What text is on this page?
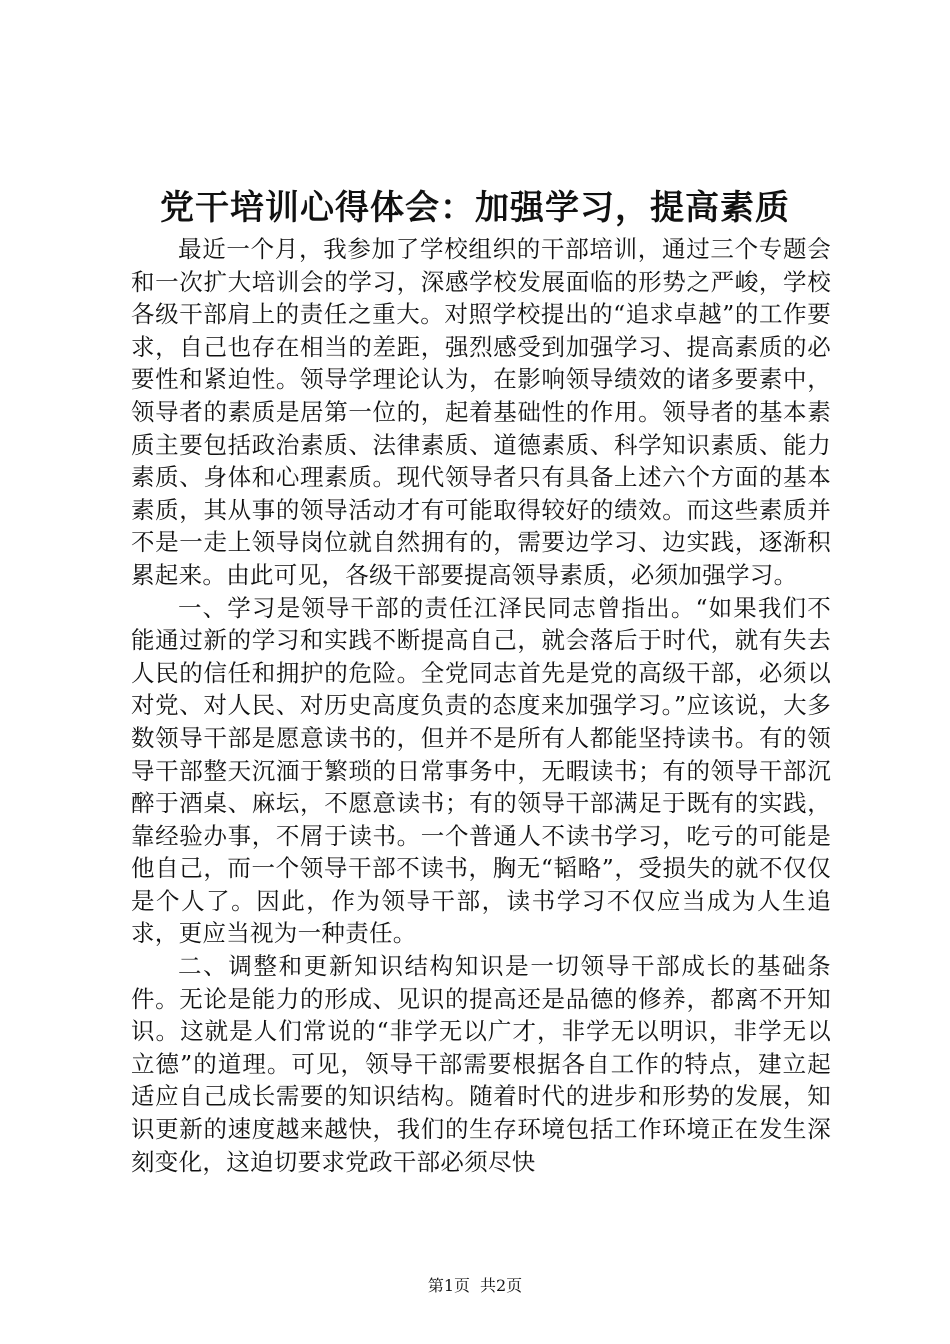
党干培训心得体会：加强学习，提高素质

最近一个月，我参加了学校组织的干部培训，通过三个专题会和一次扩大培训会的学习，深感学校发展面临的形势之严峻，学校各级干部肩上的责任之重大。对照学校提出的“追求卓越”的工作要求，自己也存在相当的差距，强烈感受到加强学习、提高素质的必要性和紧迫性。领导学理论认为，在影响领导绩效的诸多要素中，领导者的素质是居第一位的，起着基础性的作用。领导者的基本素质主要包括政治素质、法律素质、道德素质、科学知识素质、能力素质、身体和心理素质。现代领导者只有具备上述六个方面的基本素质，其从事的领导活动才有可能取得较好的绩效。而这些素质并不是一走上领导岗位就自然拥有的，需要边学习、边实践，逐渐积累起来。由此可见，各级干部要提高领导素质，必须加强学习。

一、学习是领导干部的责任江泽民同志曾指出。“如果我们不能通过新的学习和实践不断提高自己，就会落后于时代，就有失去人民的信任和拥护的危险。全党同志首先是党的高级干部，必须以对党、对人民、对历史高度负责的态度来加强学习。”应该说，大多数领导干部是愿意读书的，但并不是所有人都能坚持读书。有的领导干部整天沉湎于繁琐的日常事务中，无暇读书；有的领导干部沉醉于酒桌、麻坛，不愿意读书；有的领导干部满足于既有的实践，靠经验办事，不屑于读书。一个普通人不读书学习，吃亏的可能是他自己，而一个领导干部不读书，胸无“韬略”，受损失的就不仅仅是个人了。因此，作为领导干部，读书学习不仅应当成为人生追求，更应当视为一种责任。

二、调整和更新知识结构知识是一切领导干部成长的基础条件。无论是能力的形成、见识的提高还是品德的修养，都离不开知识。这就是人们常说的“非学无以广才，非学无以明识，非学无以立德”的道理。可见，领导干部需要根据各自工作的特点，建立起适应自己成长需要的知识结构。随着时代的进步和形势的发展，知识更新的速度越来越快，我们的生存环境包括工作环境正在发生深刻变化，这迫切要求党政干部必须尽快

第1页 共2页
